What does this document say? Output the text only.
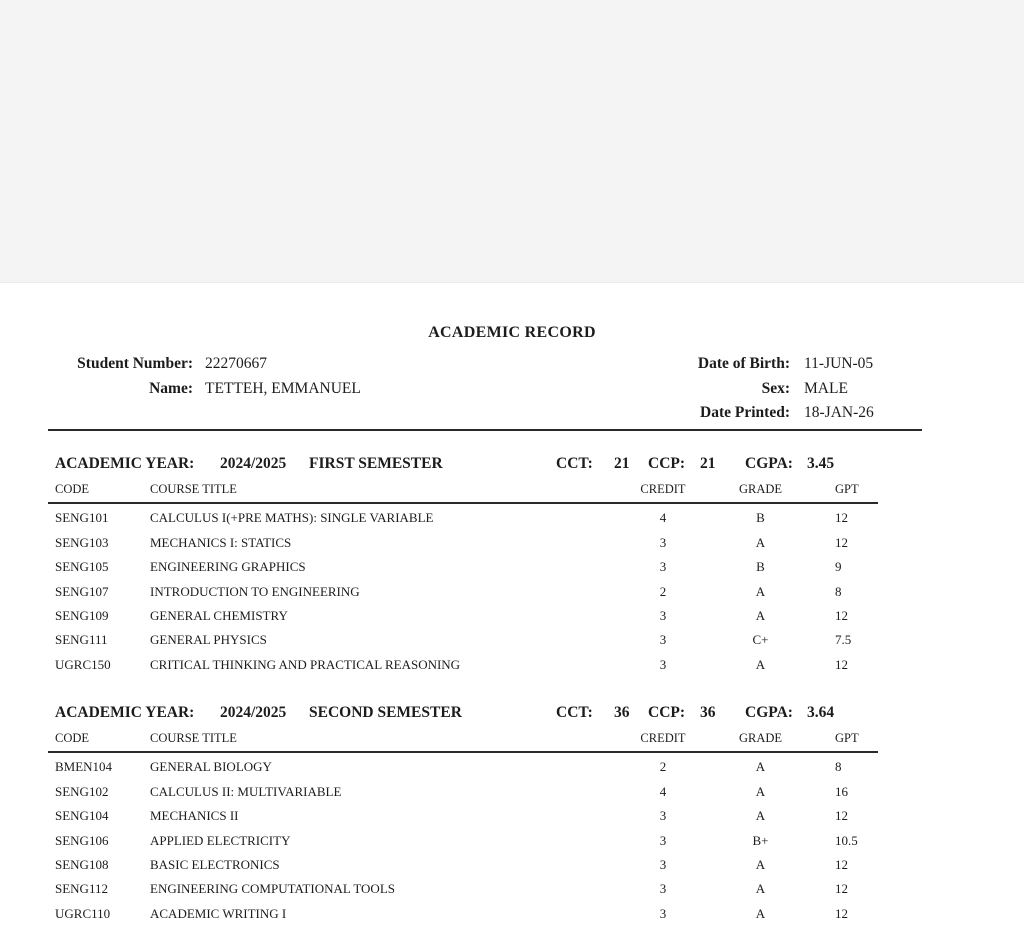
ACADEMIC RECORD
Student Number: 22270667
Name: TETTEH, EMMANUEL
Date of Birth: 11-JUN-05
Sex: MALE
Date Printed: 18-JAN-26
ACADEMIC YEAR: 2024/2025 FIRST SEMESTER	CCT: 21 CCP: 21 CGPA: 3.45
CODE	COURSE TITLE	CREDIT	GRADE	GPT
SENG101	CALCULUS I(+PRE MATHS): SINGLE VARIABLE	4	B	12
SENG103	MECHANICS I: STATICS	3	A	12
SENG105	ENGINEERING GRAPHICS	3	B	9
SENG107	INTRODUCTION TO ENGINEERING	2	A	8
SENG109	GENERAL CHEMISTRY	3	A	12
SENG111	GENERAL PHYSICS	3	C+	7.5
UGRC150	CRITICAL THINKING AND PRACTICAL REASONING	3	A	12
ACADEMIC YEAR: 2024/2025 SECOND SEMESTER	CCT: 36 CCP: 36 CGPA: 3.64
CODE	COURSE TITLE	CREDIT	GRADE	GPT
BMEN104	GENERAL BIOLOGY	2	A	8
SENG102	CALCULUS II: MULTIVARIABLE	4	A	16
SENG104	MECHANICS II	3	A	12
SENG106	APPLIED ELECTRICITY	3	B+	10.5
SENG108	BASIC ELECTRONICS	3	A	12
SENG112	ENGINEERING COMPUTATIONAL TOOLS	3	A	12
UGRC110	ACADEMIC WRITING I	3	A	12
